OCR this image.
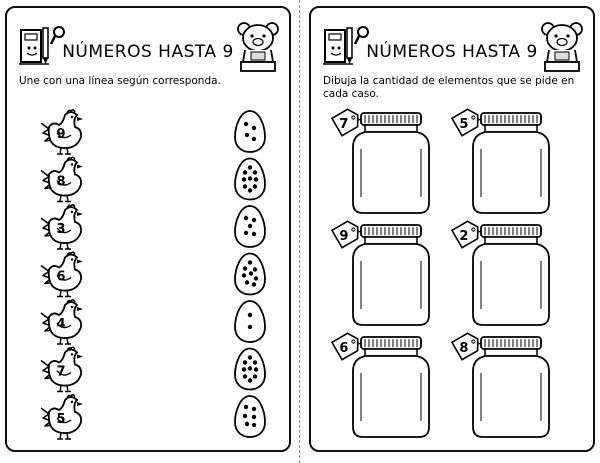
NÚMEROS HASTA 9
Une con una línea según corresponda.
9
8
3
6
4
7
5
NÚMEROS HASTA 9
Dibuja la cantidad de elementos que se pide en cada caso.
7	5
9	2
6	8
